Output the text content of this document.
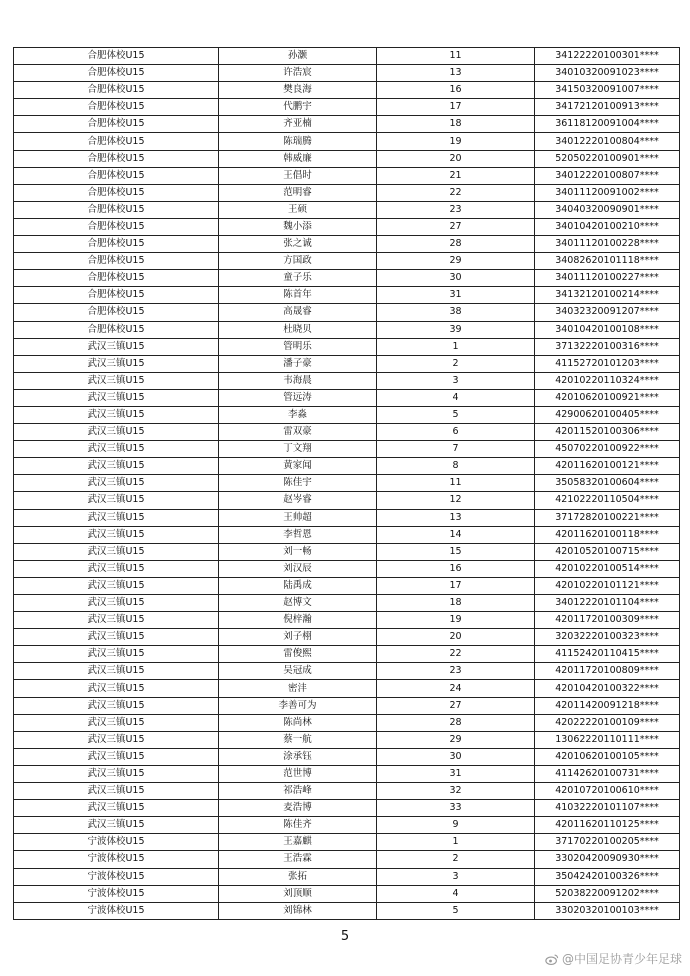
合肥体校U15	孙灏	11	34122220100301****
合肥体校U15	许浩宸	13	34010320091023****
合肥体校U15	樊良海	16	34150320091007****
合肥体校U15	代鹏宇	17	34172120100913****
合肥体校U15	齐亚楠	18	36118120091004****
合肥体校U15	陈瑞腾	19	34012220100804****
合肥体校U15	韩威廉	20	52050220100901****
合肥体校U15	王倡时	21	34012220100807****
合肥体校U15	范明睿	22	34011120091002****
合肥体校U15	王硕	23	34040320090901****
合肥体校U15	魏小添	27	34010420100210****
合肥体校U15	张之诚	28	34011120100228****
合肥体校U15	方国政	29	34082620101118****
合肥体校U15	童子乐	30	34011120100227****
合肥体校U15	陈首年	31	34132120100214****
合肥体校U15	高晟睿	38	34032320091207****
合肥体校U15	杜晓贝	39	34010420100108****
武汉三镇U15	管明乐	1	37132220100316****
武汉三镇U15	潘子豪	2	41152720101203****
武汉三镇U15	韦海晨	3	42010220110324****
武汉三镇U15	管远涛	4	42010620100921****
武汉三镇U15	李淼	5	42900620100405****
武汉三镇U15	雷双豪	6	42011520100306****
武汉三镇U15	丁文翔	7	45070220100922****
武汉三镇U15	黄家闻	8	42011620100121****
武汉三镇U15	陈佳宇	11	35058320100604****
武汉三镇U15	赵岑睿	12	42102220110504****
武汉三镇U15	王帅超	13	37172820100221****
武汉三镇U15	李哲恩	14	42011620100118****
武汉三镇U15	刘一畅	15	42010520100715****
武汉三镇U15	刘汉辰	16	42010220100514****
武汉三镇U15	陆禹成	17	42010220101121****
武汉三镇U15	赵博文	18	34012220101104****
武汉三镇U15	倪梓瀚	19	42011720100309****
武汉三镇U15	刘子栩	20	32032220100323****
武汉三镇U15	雷俊熙	22	41152420110415****
武汉三镇U15	吴冠成	23	42011720100809****
武汉三镇U15	密沣	24	42010420100322****
武汉三镇U15	李善可为	27	42011420091218****
武汉三镇U15	陈尚林	28	42022220100109****
武汉三镇U15	蔡一航	29	13062220110111****
武汉三镇U15	涂承钰	30	42010620100105****
武汉三镇U15	范世博	31	41142620100731****
武汉三镇U15	祁浩峰	32	42010720100610****
武汉三镇U15	麦浩博	33	41032220101107****
武汉三镇U15	陈佳齐	9	42011620110125****
宁波体校U15	王嘉麒	1	37170220100205****
宁波体校U15	王浩霖	2	33020420090930****
宁波体校U15	张拓	3	35042420100326****
宁波体校U15	刘顶顺	4	52038220091202****
宁波体校U15	刘锦林	5	33020320100103****
5
@中国足协青少年足球
